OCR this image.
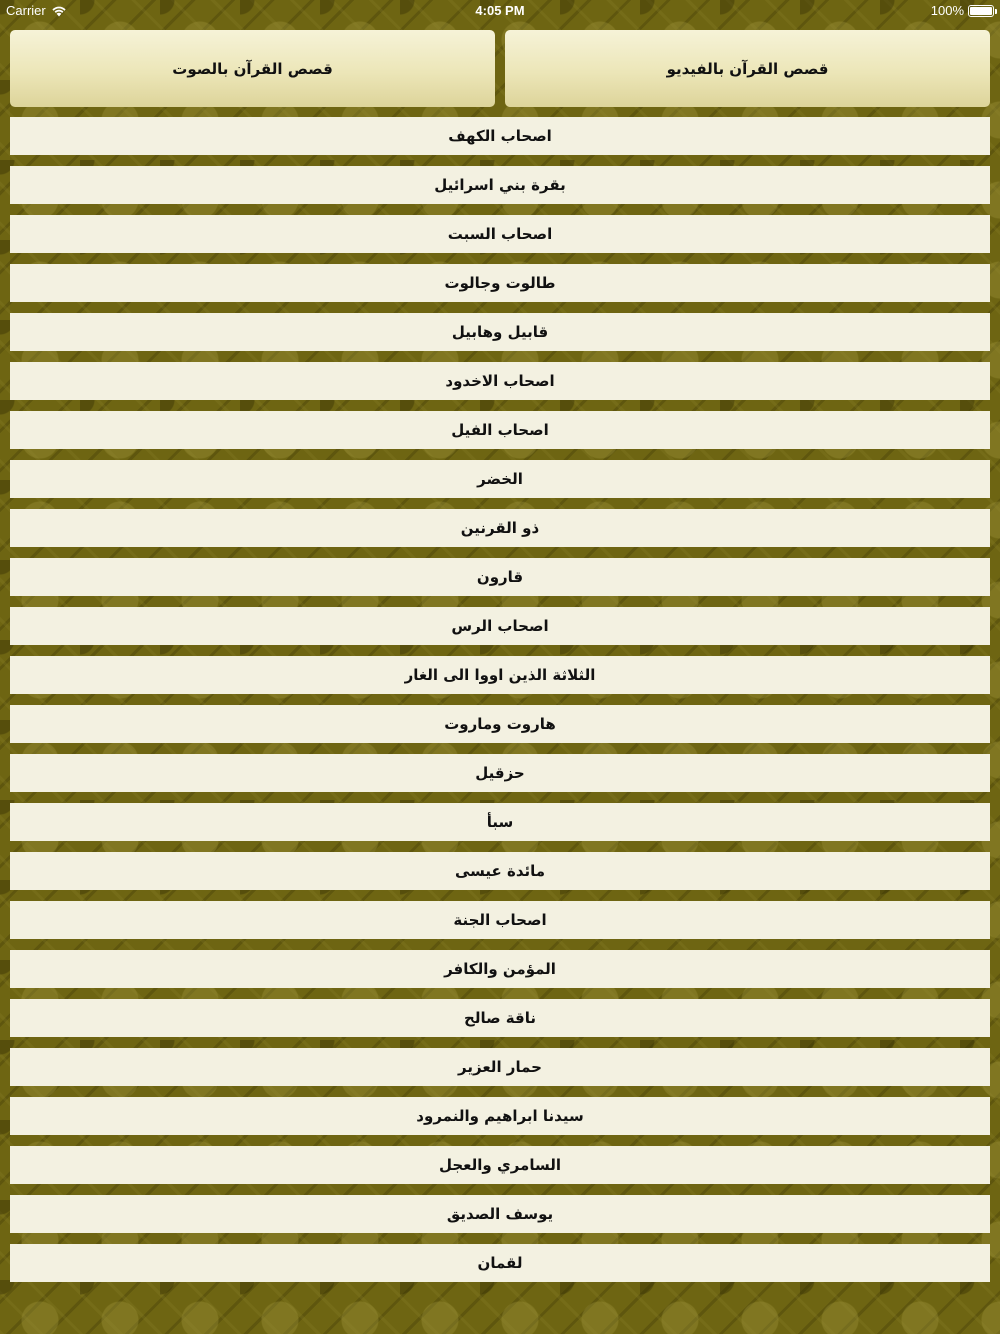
Carrier	4:05 PM	100%
قصص القرآن بالصوت	قصص القرآن بالفيديو
اصحاب الكهف
بقرة بني اسرائيل
اصحاب السبت
طالوت وجالوت
قابيل وهابيل
اصحاب الاخدود
اصحاب الفيل
الخضر
ذو القرنين
قارون
اصحاب الرس
الثلاثة الذين اووا الى الغار
هاروت وماروت
حزقيل
سبأ
مائدة عيسى
اصحاب الجنة
المؤمن والكافر
ناقة صالح
حمار العزير
سيدنا ابراهيم والنمرود
السامري والعجل
يوسف الصديق
لقمان
